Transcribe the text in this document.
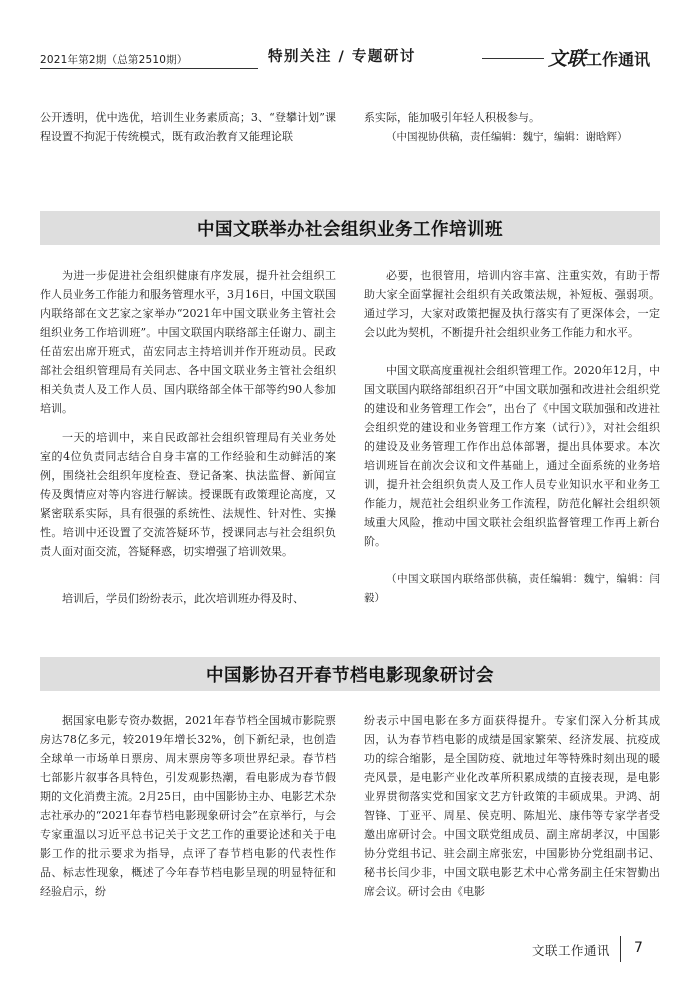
2021年第2期（总第2510期）	特别关注 / 专题研讨	文联工作通讯

公开透明，优中选优，培训生业务素质高；3、“登攀计划”课程设置不拘泥于传统模式，既有政治教育又能理论联

系实际，能加吸引年轻人积极参与。

（中国视协供稿，责任编辑：魏宁，编辑：谢晗辉）

中国文联举办社会组织业务工作培训班

为进一步促进社会组织健康有序发展，提升社会组织工作人员业务工作能力和服务管理水平，3月16日，中国文联国内联络部在文艺家之家举办“2021年中国文联业务主管社会组织业务工作培训班”。中国文联国内联络部主任谢力、副主任苗宏出席开班式，苗宏同志主持培训并作开班动员。民政部社会组织管理局有关同志、各中国文联业务主管社会组织相关负责人及工作人员、国内联络部全体干部等约90人参加培训。

一天的培训中，来自民政部社会组织管理局有关业务处室的4位负责同志结合自身丰富的工作经验和生动鲜活的案例，围绕社会组织年度检查、登记备案、执法监督、新闻宣传及舆情应对等内容进行解读。授课既有政策理论高度，又紧密联系实际，具有很强的系统性、法规性、针对性、实操性。培训中还设置了交流答疑环节，授课同志与社会组织负责人面对面交流，答疑释惑，切实增强了培训效果。

培训后，学员们纷纷表示，此次培训班办得及时、

必要，也很管用，培训内容丰富、注重实效，有助于帮助大家全面掌握社会组织有关政策法规，补短板、强弱项。通过学习，大家对政策把握及执行落实有了更深体会，一定会以此为契机，不断提升社会组织业务工作能力和水平。

中国文联高度重视社会组织管理工作。2020年12月，中国文联国内联络部组织召开“中国文联加强和改进社会组织党的建设和业务管理工作会”，出台了《中国文联加强和改进社会组织党的建设和业务管理工作方案（试行）》，对社会组织的建设及业务管理工作作出总体部署，提出具体要求。本次培训班旨在前次会议和文件基础上，通过全面系统的业务培训，提升社会组织负责人及工作人员专业知识水平和业务工作能力，规范社会组织业务工作流程，防范化解社会组织领域重大风险，推动中国文联社会组织监督管理工作再上新台阶。

（中国文联国内联络部供稿，责任编辑：魏宁，编辑：闫毅）

中国影协召开春节档电影现象研讨会

据国家电影专资办数据，2021年春节档全国城市影院票房达78亿多元，较2019年增长32%，创下新纪录，也创造全球单一市场单日票房、周末票房等多项世界纪录。春节档七部影片叙事各具特色，引发观影热潮，看电影成为春节假期的文化消费主流。2月25日，由中国影协主办、电影艺术杂志社承办的“2021年春节档电影现象研讨会”在京举行，与会专家重温以习近平总书记关于文艺工作的重要论述和关于电影工作的批示要求为指导，点评了春节档电影的代表性作品、标志性现象，概述了今年春节档电影呈现的明显特征和经验启示，纷

纷表示中国电影在多方面获得提升。专家们深入分析其成因，认为春节档电影的成绩是国家繁荣、经济发展、抗疫成功的综合缩影，是全国防疫、就地过年等特殊时刻出现的暖壳风景，是电影产业化改革所积累成绩的直接表现，是电影业界贯彻落实党和国家文艺方针政策的丰硕成果。尹鸿、胡智锋、丁亚平、周星、侯克明、陈旭光、康伟等专家学者受邀出席研讨会。中国文联党组成员、副主席胡孝汉，中国影协分党组书记、驻会副主席张宏，中国影协分党组副书记、秘书长闫少非，中国文联电影艺术中心常务副主任宋智勤出席会议。研讨会由《电影

文联工作通讯 7
